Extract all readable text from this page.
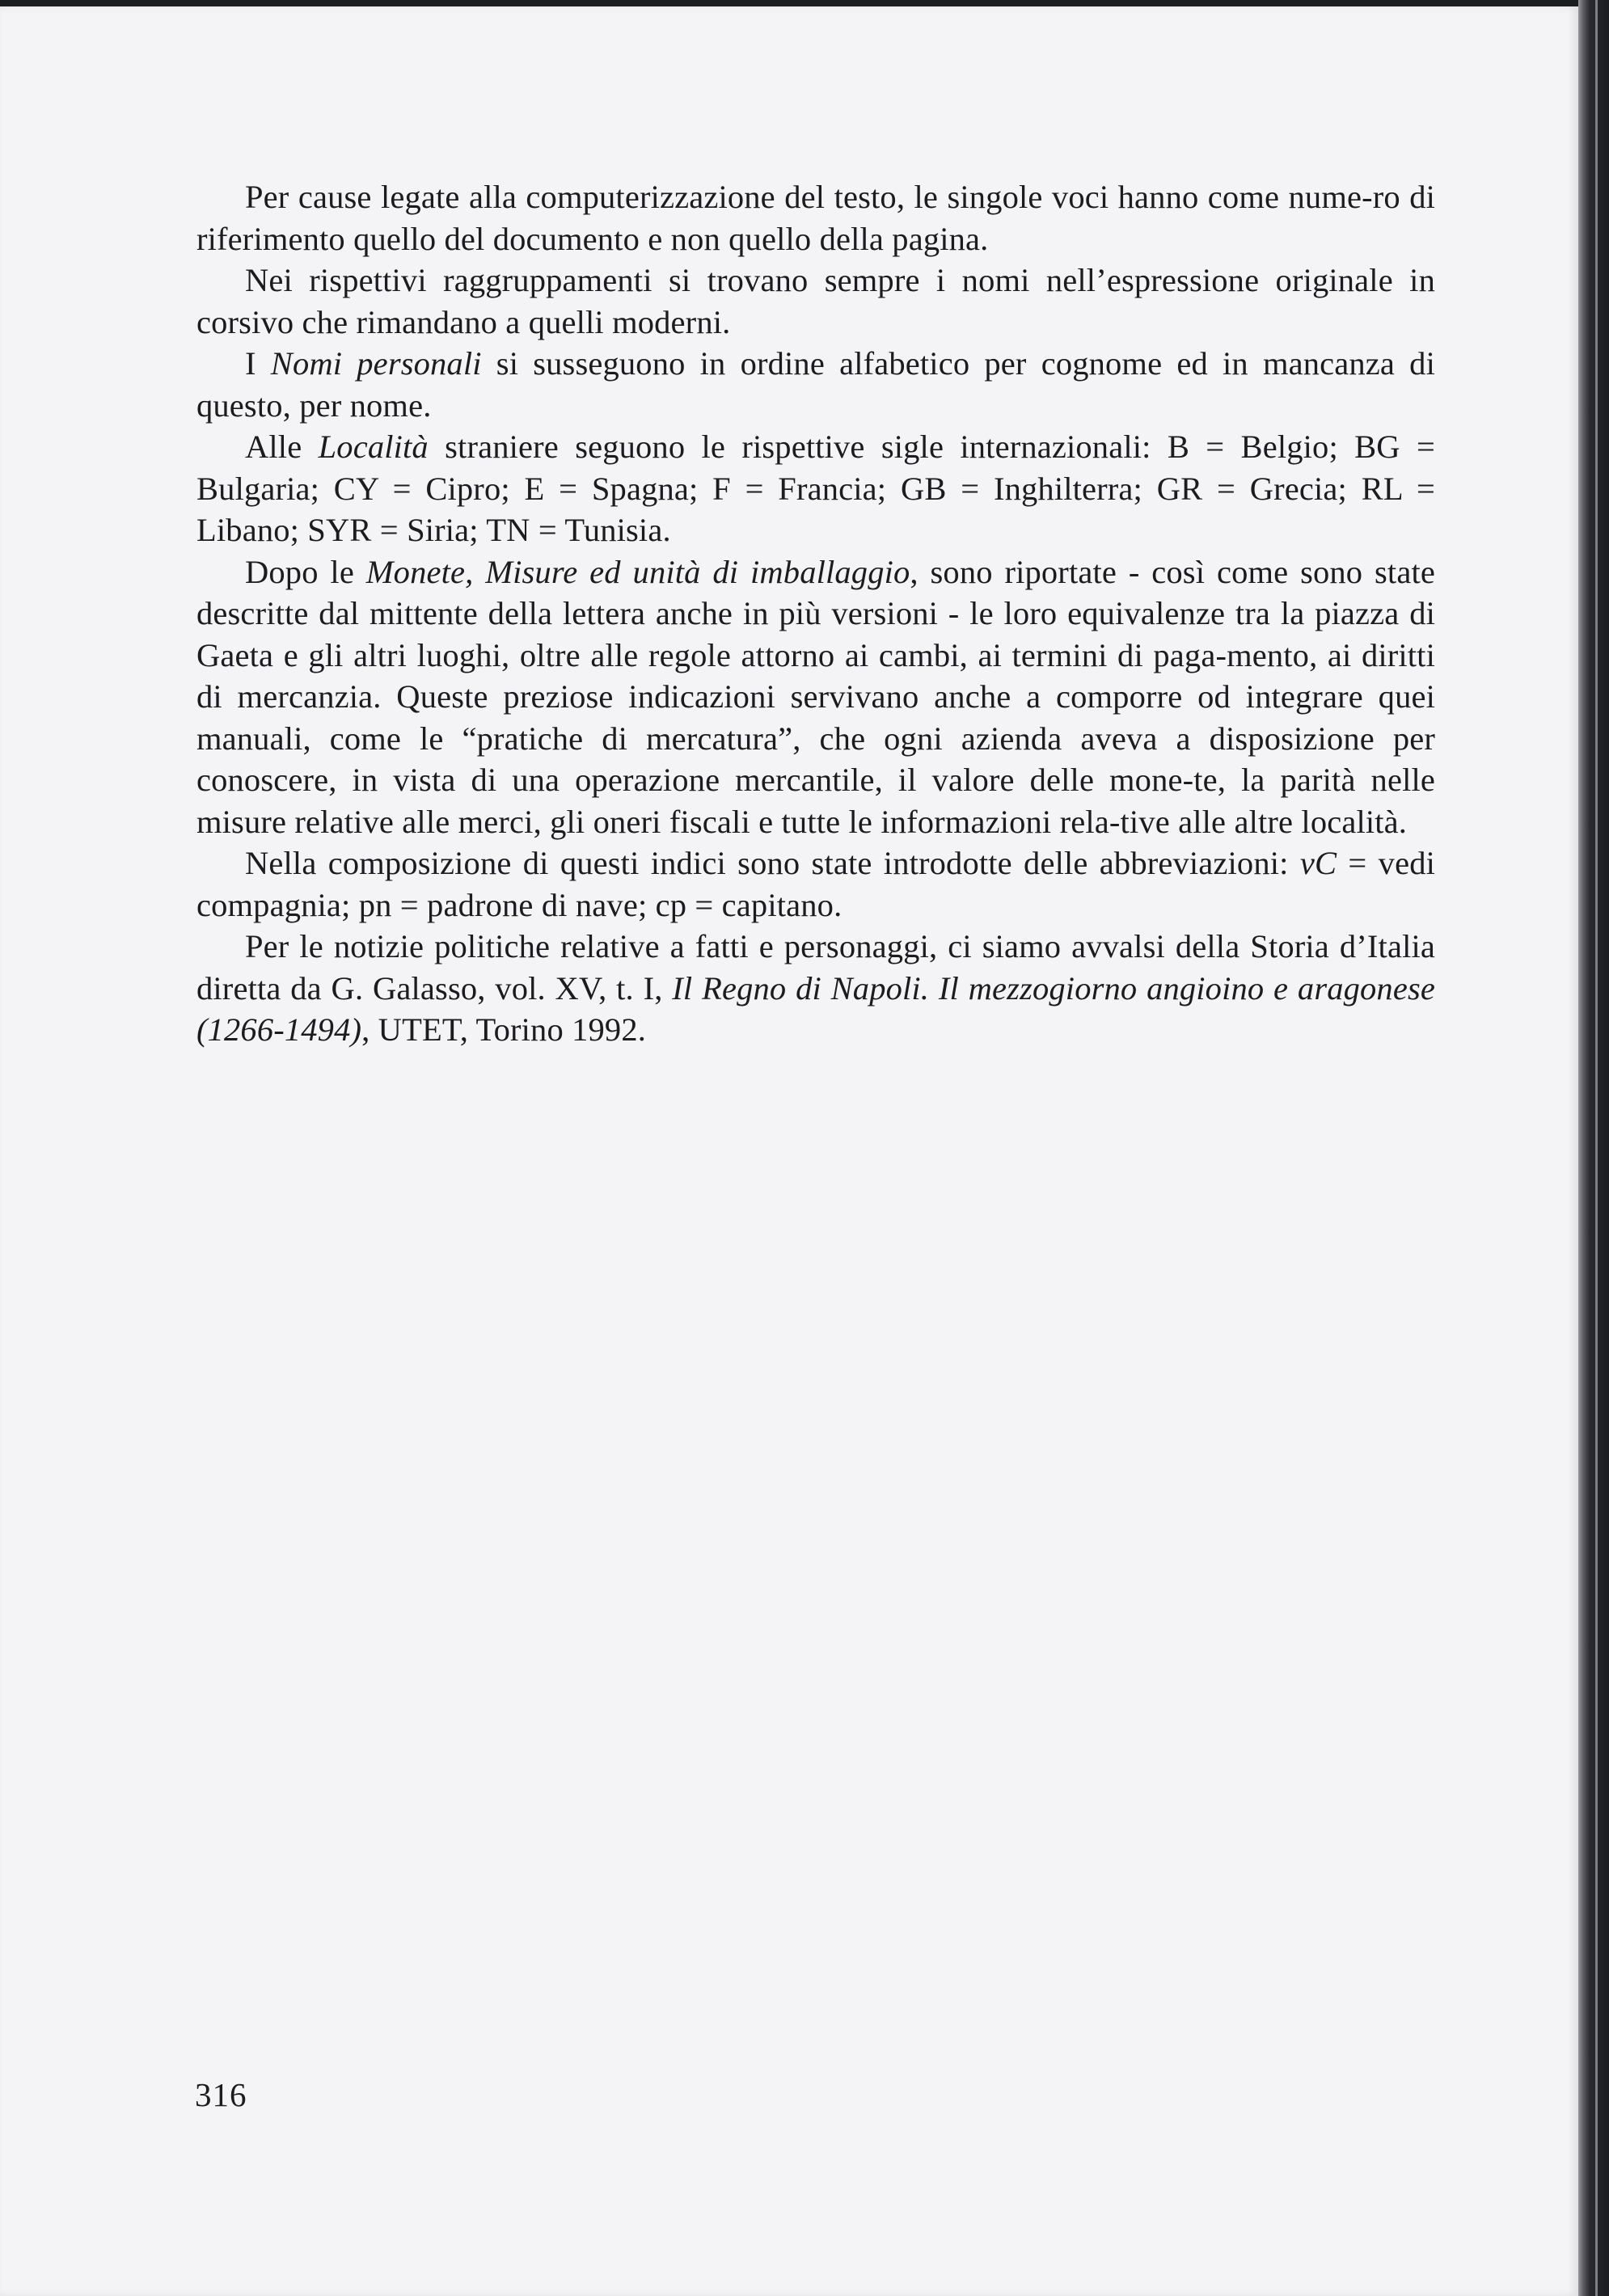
Per cause legate alla computerizzazione del testo, le singole voci hanno come nume-ro di riferimento quello del documento e non quello della pagina.

Nei rispettivi raggruppamenti si trovano sempre i nomi nell’espressione originale in corsivo che rimandano a quelli moderni.

I Nomi personali si susseguono in ordine alfabetico per cognome ed in mancanza di questo, per nome.

Alle Località straniere seguono le rispettive sigle internazionali: B = Belgio; BG = Bulgaria; CY = Cipro; E = Spagna; F = Francia; GB = Inghilterra; GR = Grecia; RL = Libano; SYR = Siria; TN = Tunisia.

Dopo le Monete, Misure ed unità di imballaggio, sono riportate - così come sono state descritte dal mittente della lettera anche in più versioni - le loro equivalenze tra la piazza di Gaeta e gli altri luoghi, oltre alle regole attorno ai cambi, ai termini di paga-mento, ai diritti di mercanzia. Queste preziose indicazioni servivano anche a comporre od integrare quei manuali, come le “pratiche di mercatura”, che ogni azienda aveva a disposizione per conoscere, in vista di una operazione mercantile, il valore delle mone-te, la parità nelle misure relative alle merci, gli oneri fiscali e tutte le informazioni rela-tive alle altre località.

Nella composizione di questi indici sono state introdotte delle abbreviazioni: vC = vedi compagnia; pn = padrone di nave; cp = capitano.

Per le notizie politiche relative a fatti e personaggi, ci siamo avvalsi della Storia d’Italia diretta da G. Galasso, vol. XV, t. I, Il Regno di Napoli. Il mezzogiorno angioino e aragonese (1266-1494), UTET, Torino 1992.

316
